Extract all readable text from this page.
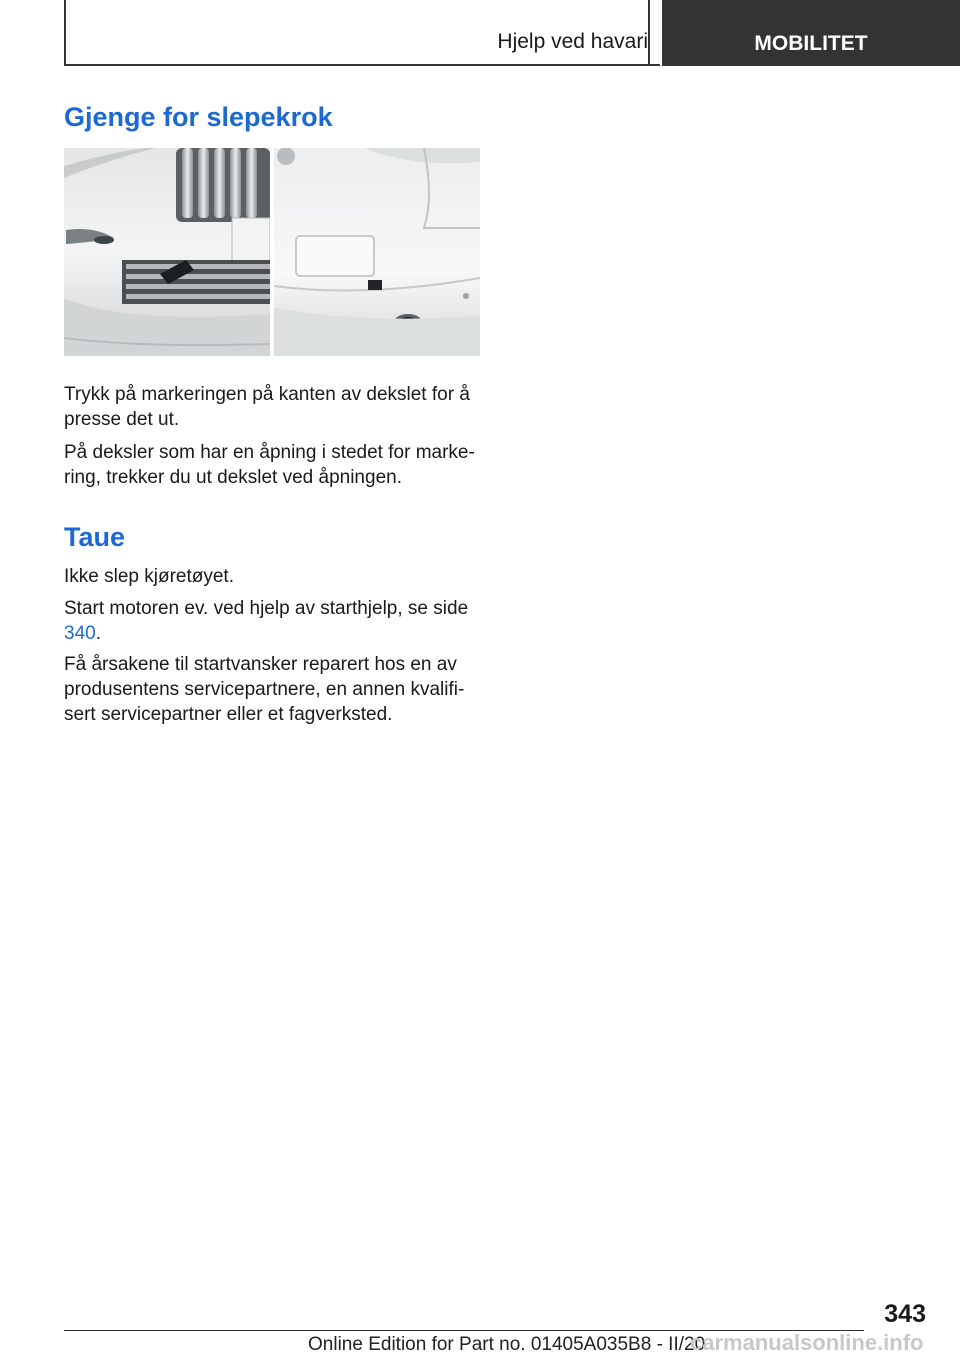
Hjelp ved havari	MOBILITET
Gjenge for slepekrok

Trykk på markeringen på kanten av dekslet for å presse det ut.

På deksler som har en åpning i stedet for marke- ring, trekker du ut dekslet ved åpningen.

Taue

Ikke slep kjøretøyet.

Start motoren ev. ved hjelp av starthjelp, se side 340.

Få årsakene til startvansker reparert hos en av produsentens servicepartnere, en annen kvalifi- sert servicepartner eller et fagverksted.

343
Online Edition for Part no. 01405A035B8 - II/20
carmanualsonline.info
